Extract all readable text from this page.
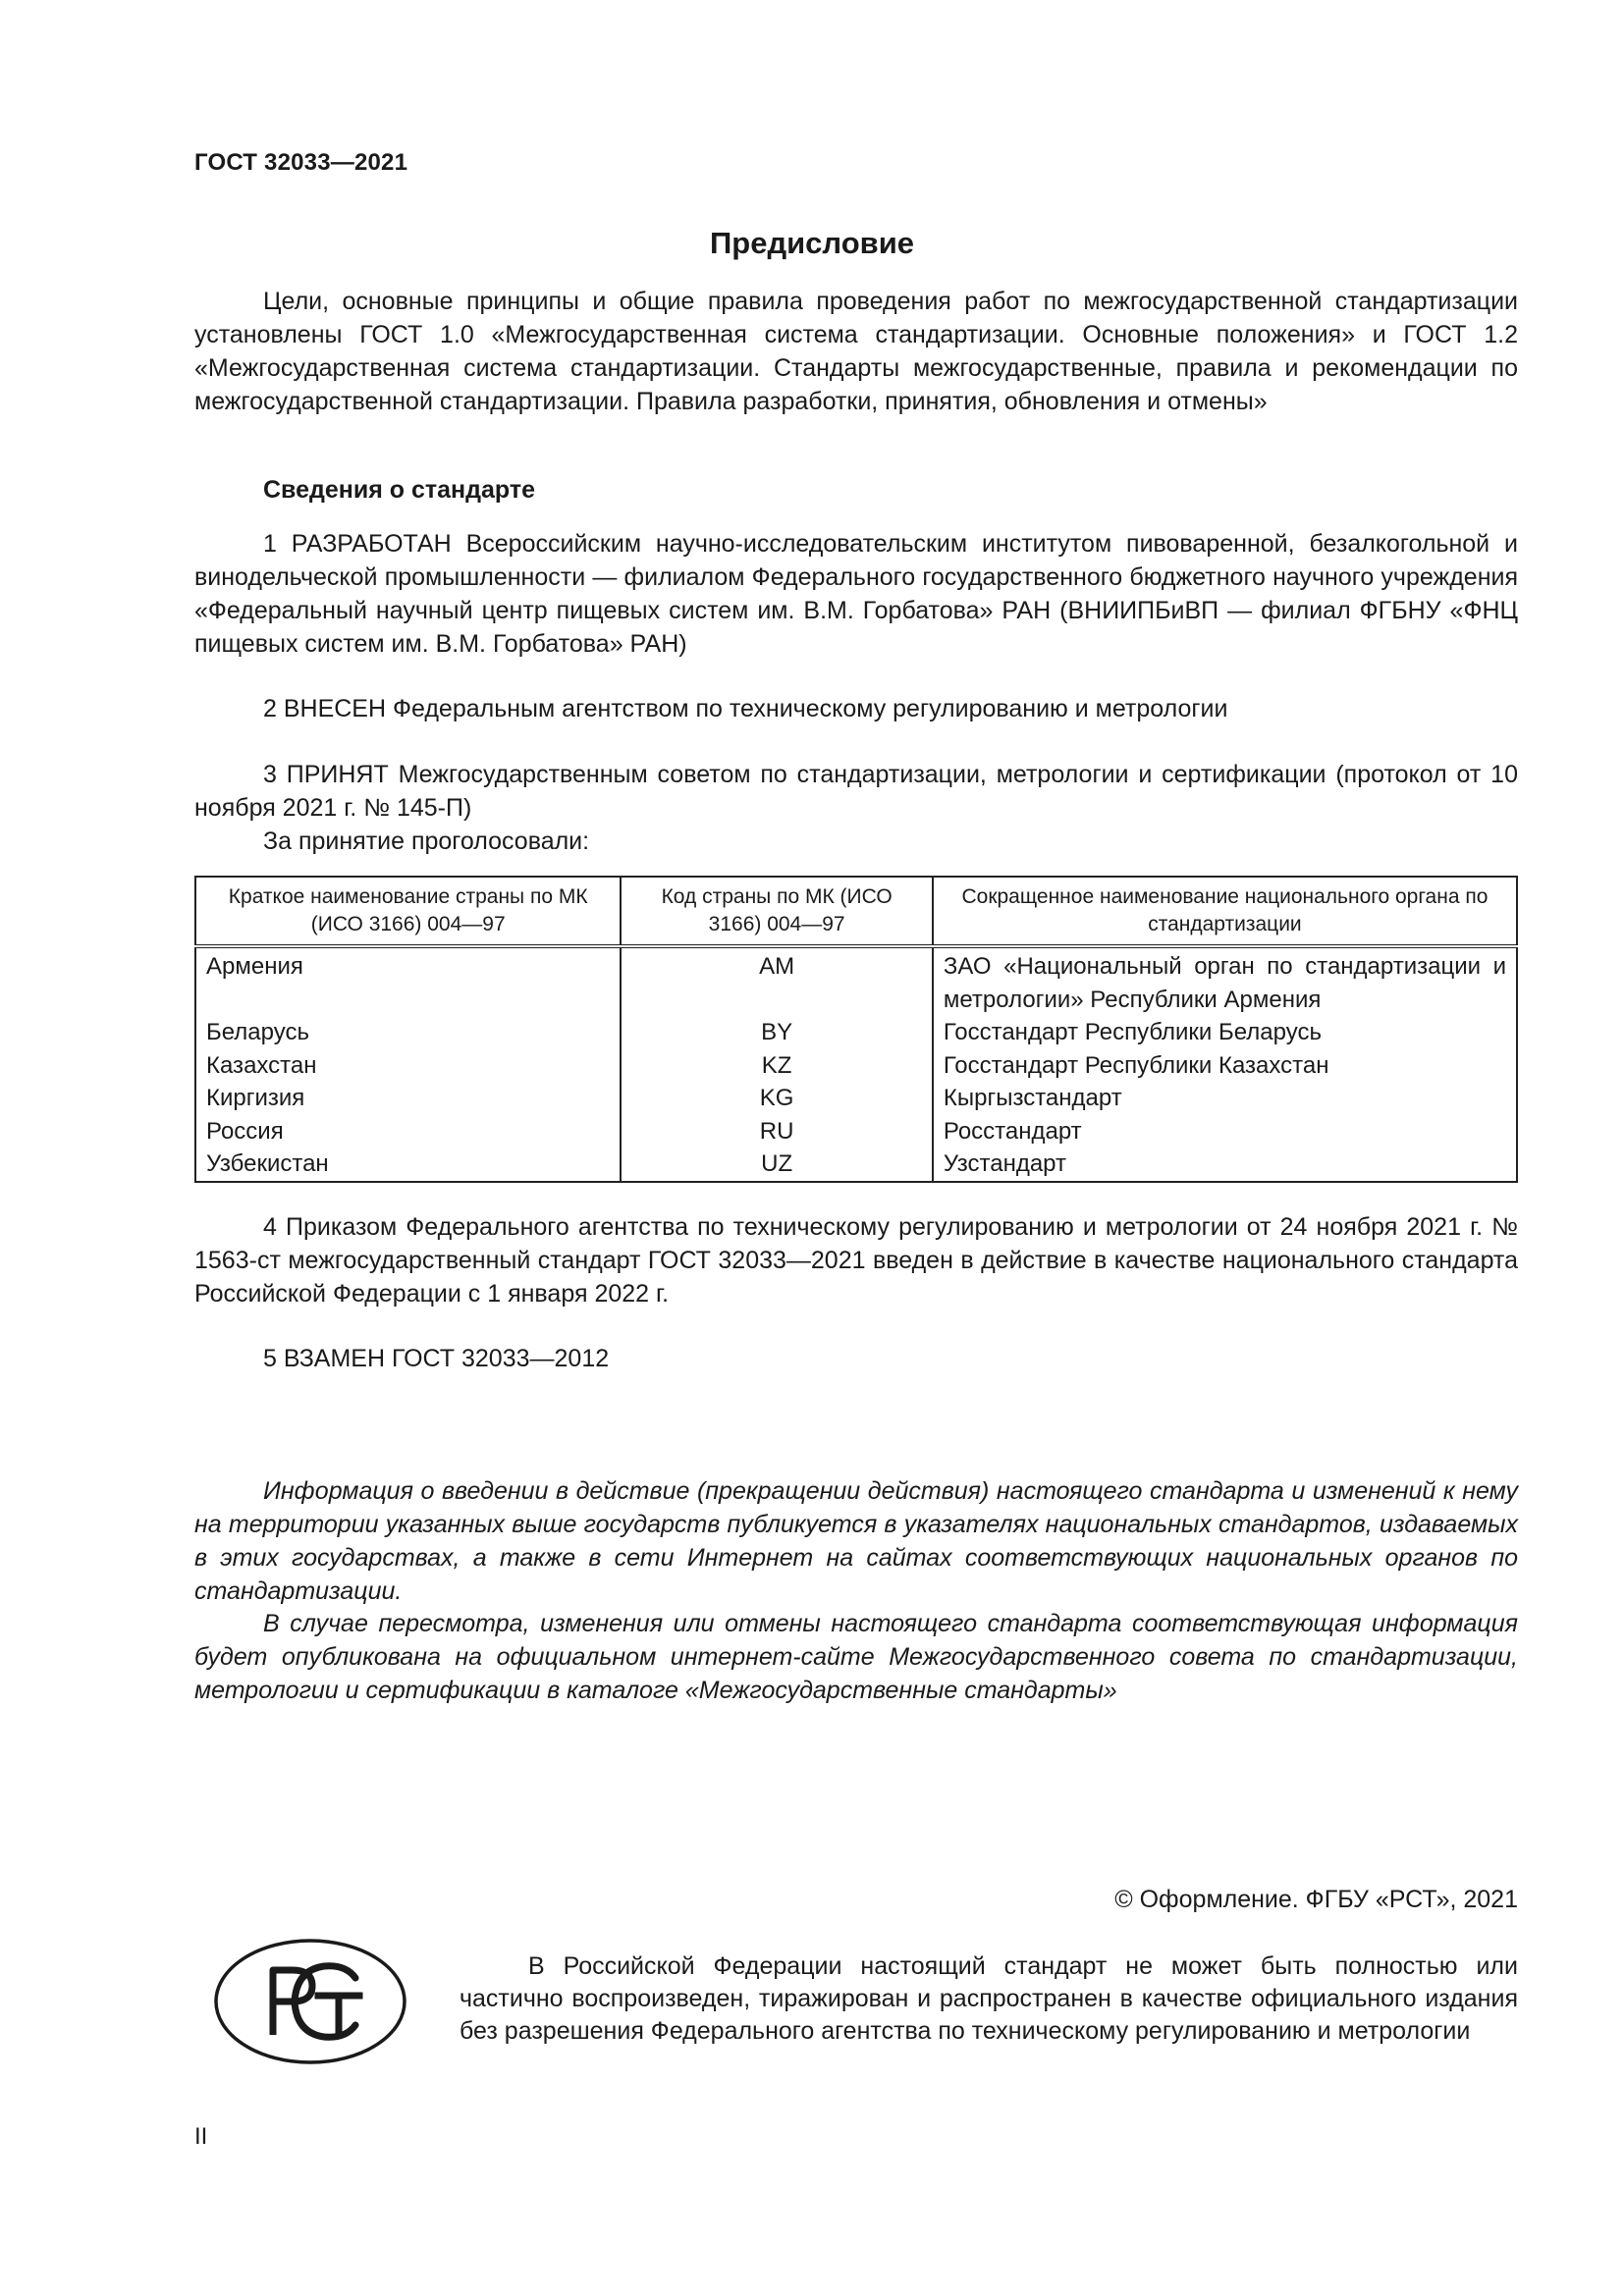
ГОСТ 32033—2021
Предисловие

Цели, основные принципы и общие правила проведения работ по межгосударственной стандартизации установлены ГОСТ 1.0 «Межгосударственная система стандартизации. Основные положения» и ГОСТ 1.2 «Межгосударственная система стандартизации. Стандарты межгосударственные, правила и рекомендации по межгосударственной стандартизации. Правила разработки, принятия, обновления и отмены»

Сведения о стандарте

1 РАЗРАБОТАН Всероссийским научно-исследовательским институтом пивоваренной, безалкогольной и винодельческой промышленности — филиалом Федерального государственного бюджетного научного учреждения «Федеральный научный центр пищевых систем им. В.М. Горбатова» РАН (ВНИИПБиВП — филиал ФГБНУ «ФНЦ пищевых систем им. В.М. Горбатова» РАН)

2 ВНЕСЕН Федеральным агентством по техническому регулированию и метрологии

3 ПРИНЯТ Межгосударственным советом по стандартизации, метрологии и сертификации (протокол от 10 ноября 2021 г. № 145-П)

За принятие проголосовали:

Краткое наименование страны по МК (ИСО 3166) 004—97	Код страны по МК (ИСО 3166) 004—97	Сокращенное наименование национального органа по стандартизации
Армения	AM	ЗАО «Национальный орган по стандартизации и метрологии» Республики Армения
Беларусь	BY	Госстандарт Республики Беларусь
Казахстан	KZ	Госстандарт Республики Казахстан
Киргизия	KG	Кыргызстандарт
Россия	RU	Росстандарт
Узбекистан	UZ	Узстандарт

4 Приказом Федерального агентства по техническому регулированию и метрологии от 24 ноября 2021 г. № 1563-ст межгосударственный стандарт ГОСТ 32033—2021 введен в действие в качестве национального стандарта Российской Федерации с 1 января 2022 г.

5 ВЗАМЕН ГОСТ 32033—2012

Информация о введении в действие (прекращении действия) настоящего стандарта и изменений к нему на территории указанных выше государств публикуется в указателях национальных стандартов, издаваемых в этих государствах, а также в сети Интернет на сайтах соответствующих национальных органов по стандартизации.

В случае пересмотра, изменения или отмены настоящего стандарта соответствующая информация будет опубликована на официальном интернет-сайте Межгосударственного совета по стандартизации, метрологии и сертификации в каталоге «Межгосударственные стандарты»

© Оформление. ФГБУ «РСТ», 2021

В Российской Федерации настоящий стандарт не может быть полностью или частично воспроизведен, тиражирован и распространен в качестве официального издания без разрешения Федерального агентства по техническому регулированию и метрологии

II
